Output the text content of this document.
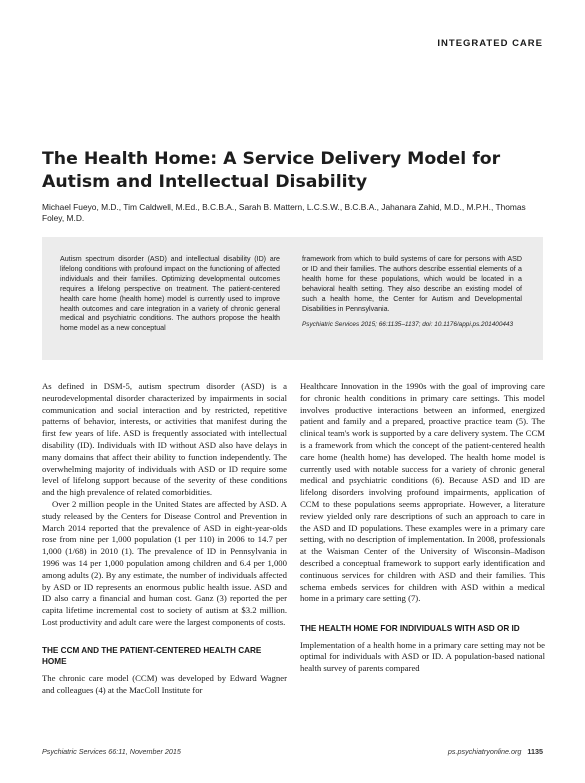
INTEGRATED CARE
The Health Home: A Service Delivery Model for Autism and Intellectual Disability

Michael Fueyo, M.D., Tim Caldwell, M.Ed., B.C.B.A., Sarah B. Mattern, L.C.S.W., B.C.B.A., Jahanara Zahid, M.D., M.P.H., Thomas Foley, M.D.

Autism spectrum disorder (ASD) and intellectual disability (ID) are lifelong conditions with profound impact on the functioning of affected individuals and their families. Optimizing developmental outcomes requires a lifelong perspective on treatment. The patient-centered health care home (health home) model is currently used to improve health outcomes and care integration in a variety of chronic general medical and psychiatric conditions. The authors propose the health home model as a new conceptual
framework from which to build systems of care for persons with ASD or ID and their families. The authors describe essential elements of a health home for these populations, which would be located in a behavioral health setting. They also describe an existing model of such a health home, the Center for Autism and Developmental Disabilities in Pennsylvania.
Psychiatric Services 2015; 66:1135–1137; doi: 10.1176/appi.ps.201400443

As defined in DSM-5, autism spectrum disorder (ASD) is a neurodevelopmental disorder characterized by impairments in social communication and social interaction and by restricted, repetitive patterns of behavior, interests, or activities that manifest during the first few years of life. ASD is frequently associated with intellectual disability (ID). Individuals with ID without ASD also have delays in many domains that affect their ability to function independently. The overwhelming majority of individuals with ASD or ID require some level of lifelong support because of the severity of these conditions and the high prevalence of related comorbidities.

Over 2 million people in the United States are affected by ASD. A study released by the Centers for Disease Control and Prevention in March 2014 reported that the prevalence of ASD in eight-year-olds rose from nine per 1,000 population (1 per 110) in 2006 to 14.7 per 1,000 (1/68) in 2010 (1). The prevalence of ID in Pennsylvania in 1996 was 14 per 1,000 population among children and 6.4 per 1,000 among adults (2). By any estimate, the number of individuals affected by ASD or ID represents an enormous public health issue. ASD and ID also carry a financial and human cost. Ganz (3) reported the per capita lifetime incremental cost to society of autism at $3.2 million. Lost productivity and adult care were the largest components of costs.

THE CCM AND THE PATIENT-CENTERED HEALTH CARE HOME

The chronic care model (CCM) was developed by Edward Wagner and colleagues (4) at the MacColl Institute for

Healthcare Innovation in the 1990s with the goal of improving care for chronic health conditions in primary care settings. This model involves productive interactions between an informed, energized patient and family and a prepared, proactive practice team (5). The clinical team's work is supported by a care delivery system. The CCM is a framework from which the concept of the patient-centered health care home (health home) has developed. The health home model is currently used with notable success for a variety of chronic general medical and psychiatric conditions (6). Because ASD and ID are lifelong disorders involving profound impairments, application of CCM to these populations seems appropriate. However, a literature review yielded only rare descriptions of such an approach to care in the ASD and ID populations. These examples were in a primary care setting, with no description of implementation. In 2008, professionals at the Waisman Center of the University of Wisconsin–Madison described a conceptual framework to support early identification and continuous services for children with ASD and their families. This schema embeds services for children with ASD within a medical home in a primary care setting (7).

THE HEALTH HOME FOR INDIVIDUALS WITH ASD OR ID

Implementation of a health home in a primary care setting may not be optimal for individuals with ASD or ID. A population-based national health survey of parents compared

Psychiatric Services 66:11, November 2015	ps.psychiatryonline.org 1135
